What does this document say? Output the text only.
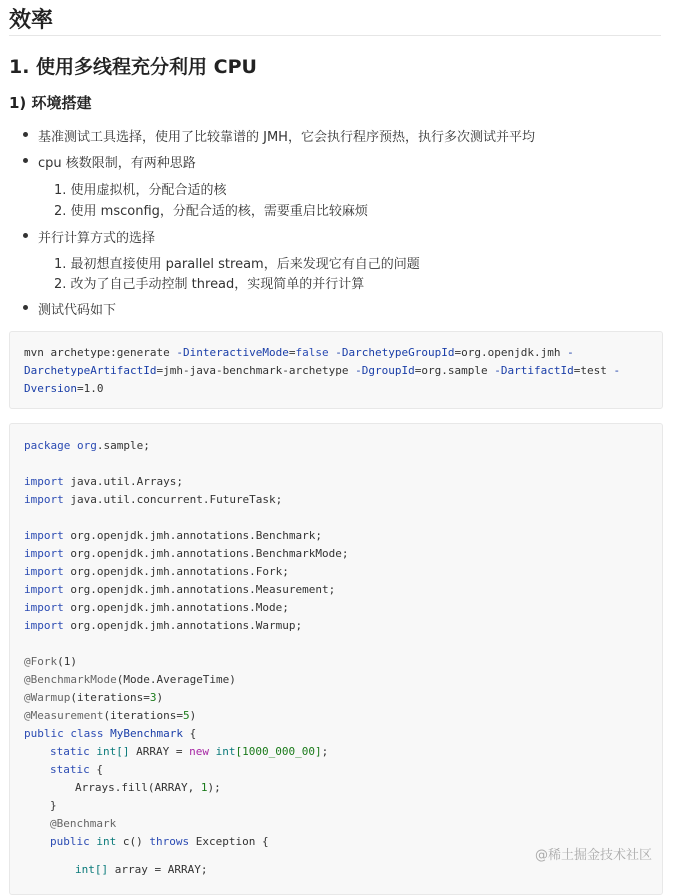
效率
1. 使用多线程充分利用 CPU
1) 环境搭建
基准测试工具选择，使用了比较靠谱的 JMH，它会执行程序预热，执行多次测试并平均
cpu 核数限制，有两种思路
1. 使用虚拟机，分配合适的核
2. 使用 msconfig，分配合适的核，需要重启比较麻烦
并行计算方式的选择
1. 最初想直接使用 parallel stream，后来发现它有自己的问题
2. 改为了自己手动控制 thread，实现简单的并行计算
测试代码如下
mvn archetype:generate -DinteractiveMode=false -DarchetypeGroupId=org.openjdk.jmh -
DarchetypeArtifactId=jmh-java-benchmark-archetype -DgroupId=org.sample -DartifactId=test -
Dversion=1.0
package org.sample;
import java.util.Arrays;
import java.util.concurrent.FutureTask;
import org.openjdk.jmh.annotations.Benchmark;
import org.openjdk.jmh.annotations.BenchmarkMode;
import org.openjdk.jmh.annotations.Fork;
import org.openjdk.jmh.annotations.Measurement;
import org.openjdk.jmh.annotations.Mode;
import org.openjdk.jmh.annotations.Warmup;
@Fork(1)
@BenchmarkMode(Mode.AverageTime)
@Warmup(iterations=3)
@Measurement(iterations=5)
public class MyBenchmark {
static int[] ARRAY = new int[1000_000_00];
static {
Arrays.fill(ARRAY, 1);
}
@Benchmark
public int c() throws Exception {
int[] array = ARRAY;
@稀土掘金技术社区
